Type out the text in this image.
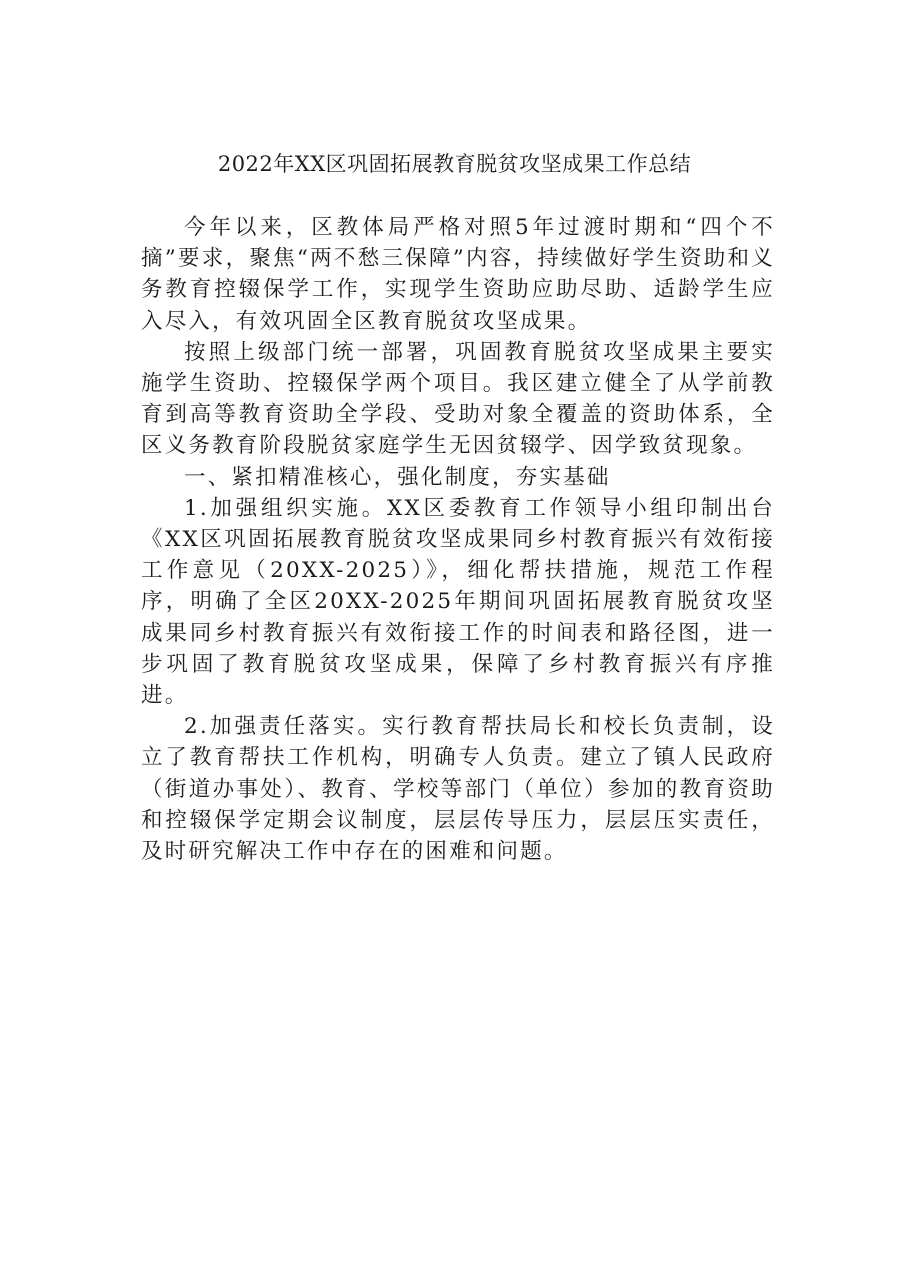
2022年XX区巩固拓展教育脱贫攻坚成果工作总结

今年以来，区教体局严格对照5年过渡时期和“四个不摘”要求，聚焦“两不愁三保障”内容，持续做好学生资助和义务教育控辍保学工作，实现学生资助应助尽助、适龄学生应入尽入，有效巩固全区教育脱贫攻坚成果。

按照上级部门统一部署，巩固教育脱贫攻坚成果主要实施学生资助、控辍保学两个项目。我区建立健全了从学前教育到高等教育资助全学段、受助对象全覆盖的资助体系，全区义务教育阶段脱贫家庭学生无因贫辍学、因学致贫现象。

一、紧扣精准核心，强化制度，夯实基础

1.加强组织实施。XX区委教育工作领导小组印制出台《XX区巩固拓展教育脱贫攻坚成果同乡村教育振兴有效衔接工作意见（20XX-2025）》，细化帮扶措施，规范工作程序，明确了全区20XX-2025年期间巩固拓展教育脱贫攻坚成果同乡村教育振兴有效衔接工作的时间表和路径图，进一步巩固了教育脱贫攻坚成果，保障了乡村教育振兴有序推进。

2.加强责任落实。实行教育帮扶局长和校长负责制，设立了教育帮扶工作机构，明确专人负责。建立了镇人民政府（街道办事处）、教育、学校等部门（单位）参加的教育资助和控辍保学定期会议制度，层层传导压力，层层压实责任，及时研究解决工作中存在的困难和问题。
